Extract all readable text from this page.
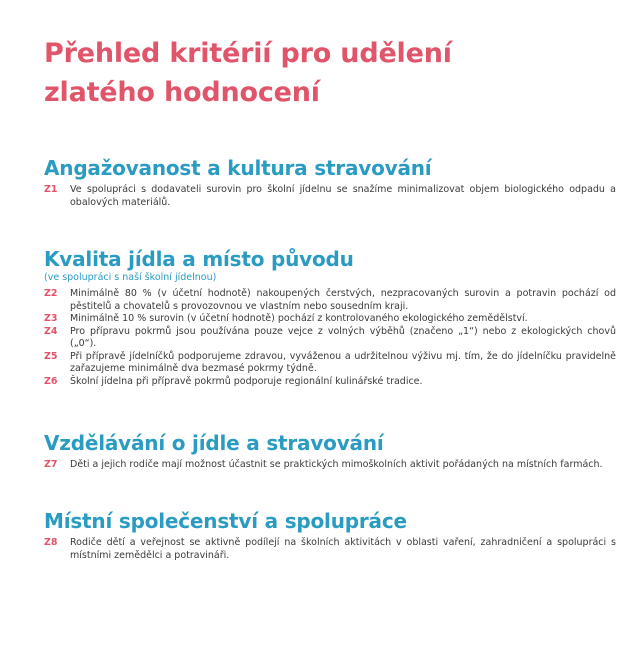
Přehled kritérií pro udělení
zlatého hodnocení
Angažovanost a kultura stravování
Z1	Ve spolupráci s dodavateli surovin pro školní jídelnu se snažíme minimalizovat objem biologického odpadu a obalových materiálů.
Kvalita jídla a místo původu
(ve spolupráci s naší školní jídelnou)
Z2	Minimálně 80 % (v účetní hodnotě) nakoupených čerstvých, nezpracovaných surovin a potravin pochází od pěstitelů a chovatelů s provozovnou ve vlastním nebo sousedním kraji.
Z3	Minimálně 10 % surovin (v účetní hodnotě) pochází z kontrolovaného ekologického zemědělství.
Z4	Pro přípravu pokrmů jsou používána pouze vejce z volných výběhů (značeno „1“) nebo z ekologických chovů („0“).
Z5	Při přípravě jídelníčků podporujeme zdravou, vyváženou a udržitelnou výživu mj. tím, že do jídelníčku pravidelně zařazujeme minimálně dva bezmasé pokrmy týdně.
Z6	Školní jídelna při přípravě pokrmů podporuje regionální kulinářské tradice.
Vzdělávání o jídle a stravování
Z7	Děti a jejich rodiče mají možnost účastnit se praktických mimoškolních aktivit pořádaných na místních farmách.
Místní společenství a spolupráce
Z8	Rodiče dětí a veřejnost se aktivně podílejí na školních aktivitách v oblasti vaření, zahradničení a spolupráci s místními zemědělci a potravináři.
